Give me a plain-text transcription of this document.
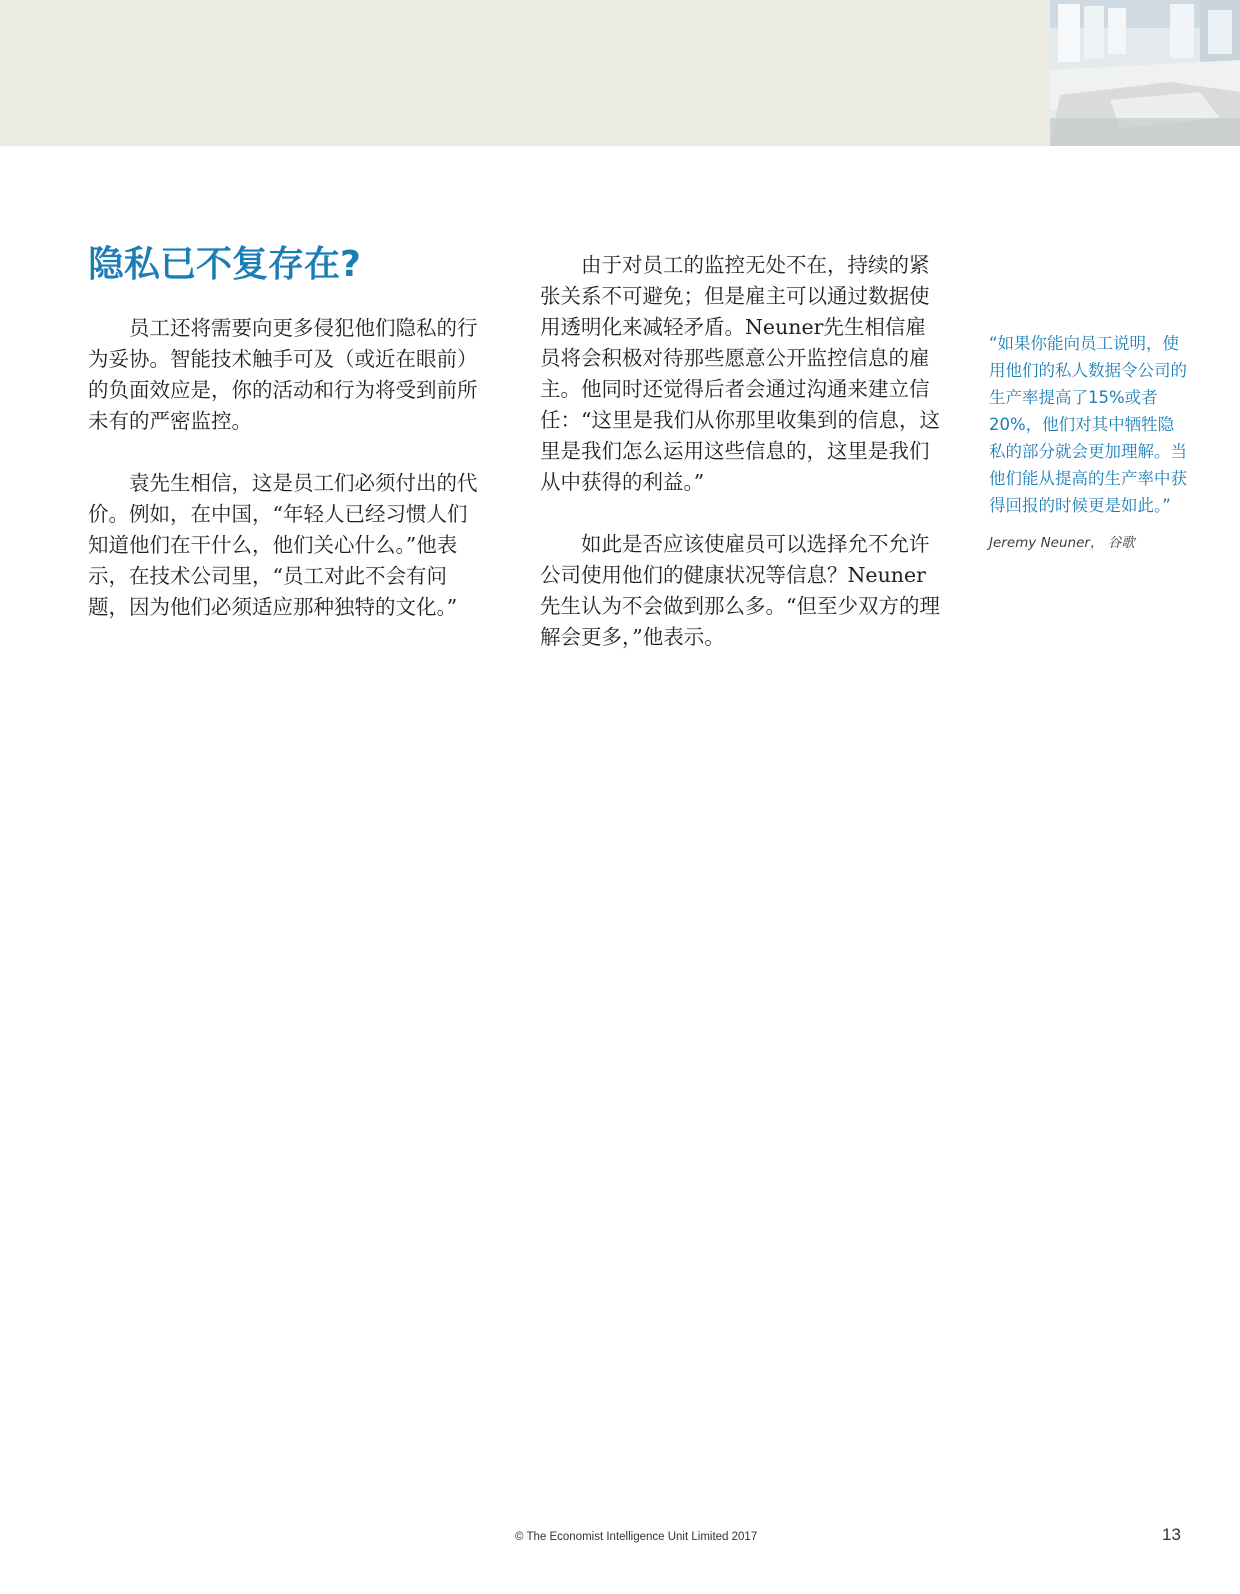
隐私已不复存在?

员工还将需要向更多侵犯他们隐私的行为妥协。智能技术触手可及（或近在眼前）的负面效应是，你的活动和行为将受到前所未有的严密监控。

袁先生相信，这是员工们必须付出的代价。例如，在中国，“年轻人已经习惯人们知道他们在干什么，他们关心什么。”他表示，在技术公司里，“员工对此不会有问题，因为他们必须适应那种独特的文化。”

由于对员工的监控无处不在，持续的紧张关系不可避免；但是雇主可以通过数据使用透明化来减轻矛盾。Neuner先生相信雇员将会积极对待那些愿意公开监控信息的雇主。他同时还觉得后者会通过沟通来建立信任：“这里是我们从你那里收集到的信息，这里是我们怎么运用这些信息的，这里是我们从中获得的利益。”

如此是否应该使雇员可以选择允不允许公司使用他们的健康状况等信息？Neuner先生认为不会做到那么多。“但至少双方的理解会更多，”他表示。

“如果你能向员工说明，使用他们的私人数据令公司的生产率提高了15%或者20%，他们对其中牺牲隐私的部分就会更加理解。当他们能从提高的生产率中获得回报的时候更是如此。”

Jeremy Neuner， 谷歌

© The Economist Intelligence Unit Limited 2017	13
